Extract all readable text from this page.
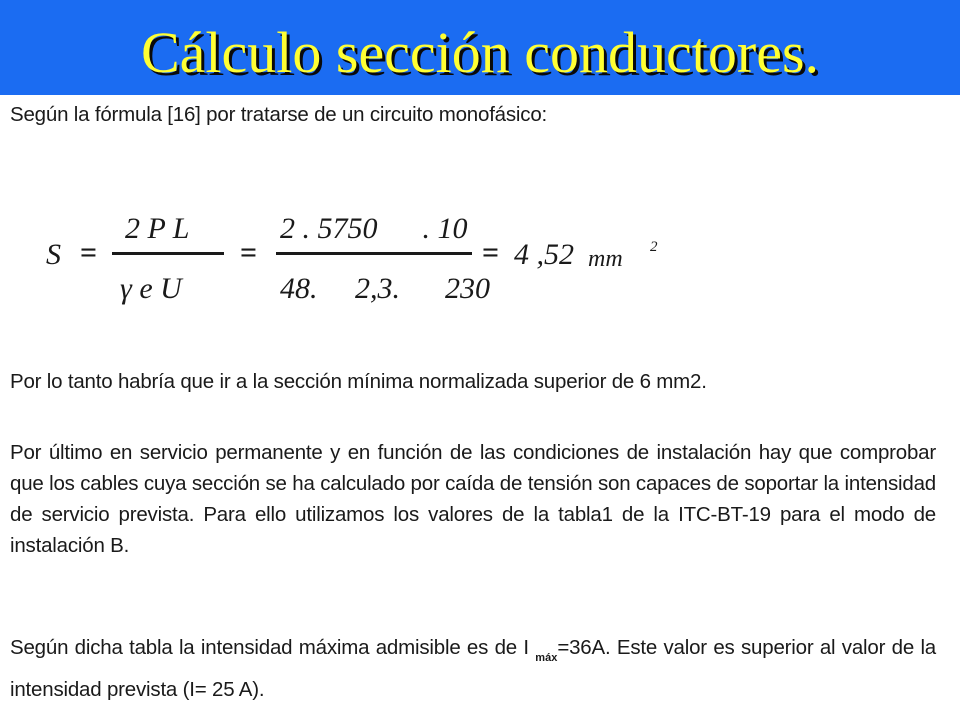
Cálculo sección conductores.
Según la fórmula [16] por tratarse de un circuito monofásico:
S =
2 P L
γ e U
=
2 . 5750      . 10
48.     2,3.      230
= 4 ,52 mm 2
Por lo tanto habría que ir a la sección mínima normalizada superior de 6 mm2.
Por último en servicio permanente y en función de las condiciones de instalación hay que comprobar que los cables cuya sección se ha calculado por caída de tensión son capaces de soportar la intensidad de servicio prevista. Para ello utilizamos los valores de la tabla1 de la ITC-BT-19 para el modo de instalación B.
Según dicha tabla la intensidad máxima admisible es de I $_{máx}$=36A. Este valor es superior al valor de la intensidad prevista (I= 25 A).
